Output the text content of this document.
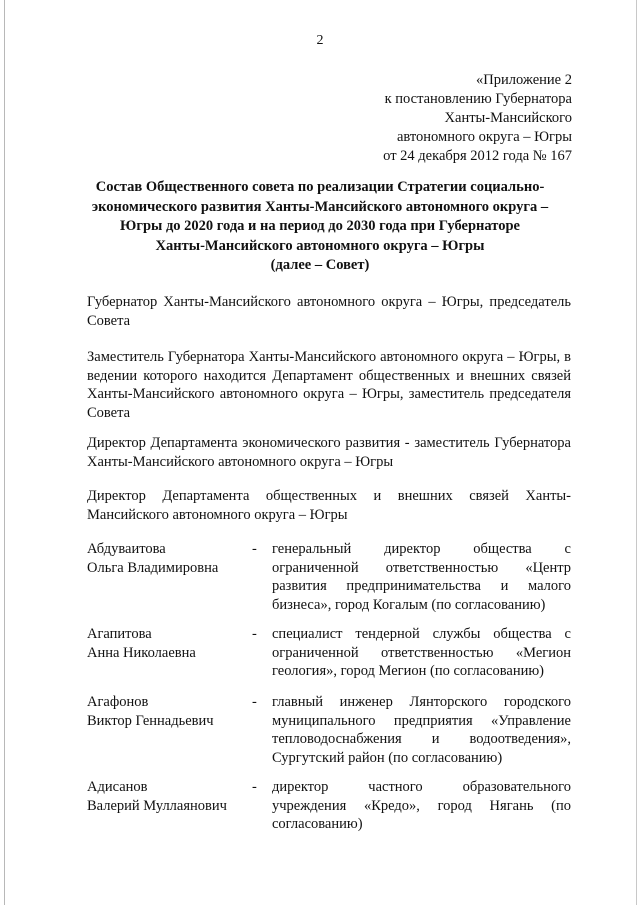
2
«Приложение 2
к постановлению Губернатора
Ханты-Мансийского
автономного округа – Югры
от 24 декабря 2012 года № 167
Состав Общественного совета по реализации Стратегии социально-
экономического развития Ханты-Мансийского автономного округа –
Югры до 2020 года и на период до 2030 года при Губернаторе
Ханты-Мансийского автономного округа – Югры
(далее – Совет)
Губернатор Ханты-Мансийского автономного округа – Югры, председатель Совета
Заместитель Губернатора Ханты-Мансийского автономного округа – Югры, в ведении которого находится Департамент общественных и внешних связей Ханты-Мансийского автономного округа – Югры, заместитель председателя Совета
Директор Департамента экономического развития - заместитель Губернатора Ханты-Мансийского автономного округа – Югры
Директор Департамента общественных и внешних связей Ханты-Мансийского автономного округа – Югры
Абдуваитова
Ольга Владимировна
- генеральный директор общества с ограниченной ответственностью «Центр развития предпринимательства и малого бизнеса», город Когалым (по согласованию)
Агапитова
Анна Николаевна
- специалист тендерной службы общества с ограниченной ответственностью «Мегион геология», город Мегион (по согласованию)
Агафонов
Виктор Геннадьевич
- главный инженер Лянторского городского муниципального предприятия «Управление тепловодоснабжения и водоотведения», Сургутский район (по согласованию)
Адисанов
Валерий Муллаянович
- директор частного образовательного учреждения «Кредо», город Нягань (по согласованию)
